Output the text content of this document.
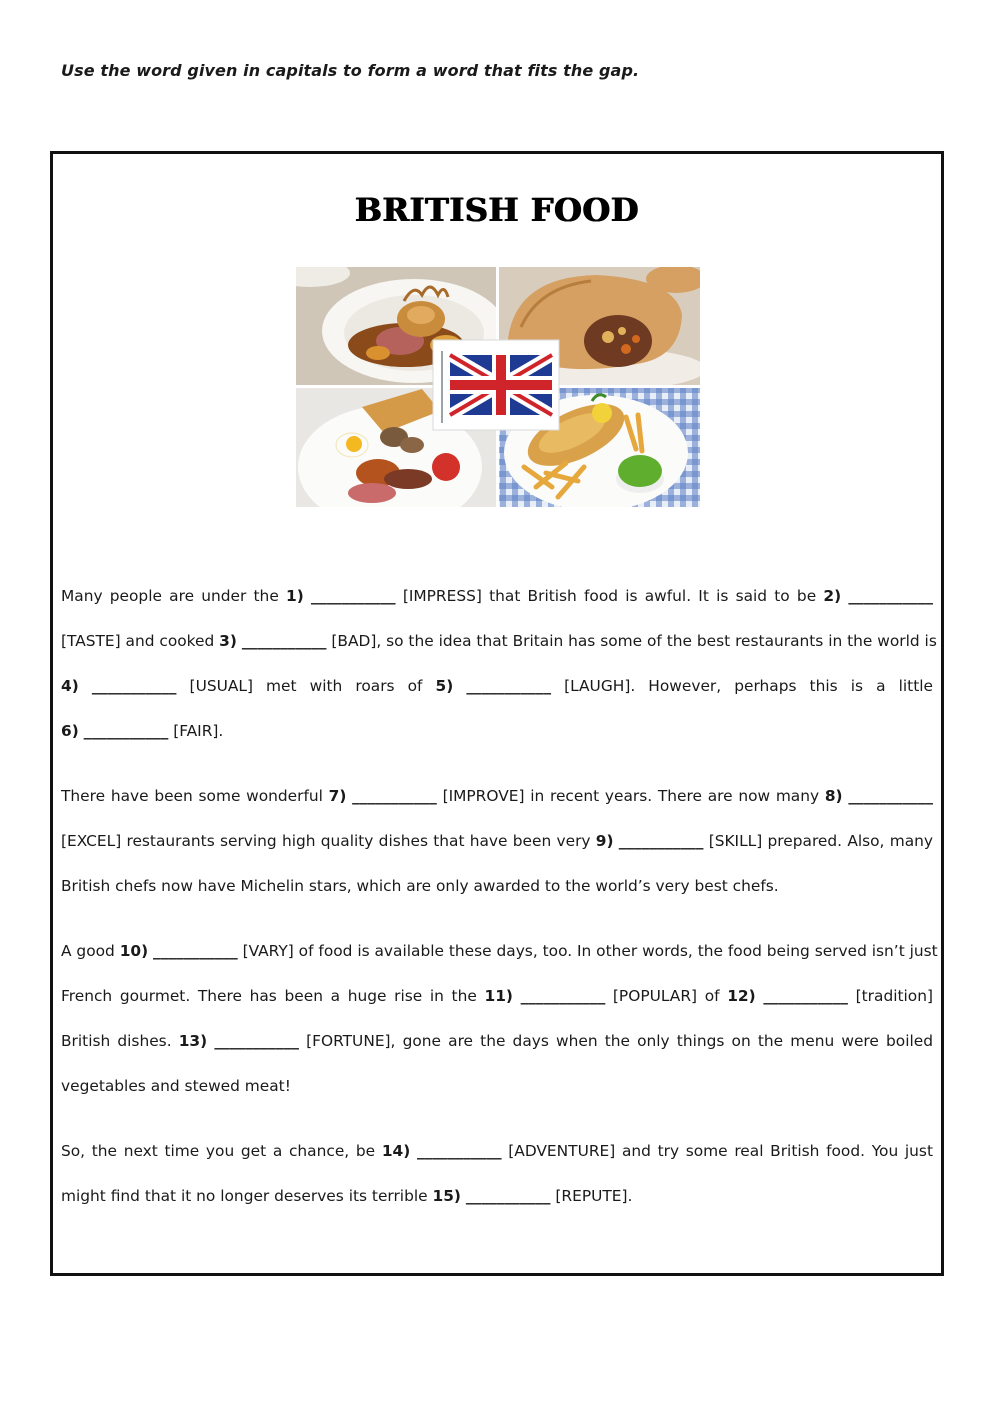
Use the word given in capitals to form a word that fits the gap.
BRITISH FOOD
Many people are under the 1) ___________ [IMPRESS] that British food is awful. It is said to be 2) ___________
[TASTE] and cooked 3) ___________ [BAD], so the idea that Britain has some of the best restaurants in the world is
4) ___________ [USUAL] met with roars of 5) ___________ [LAUGH]. However, perhaps this is a little
6) ___________ [FAIR].
There have been some wonderful 7) ___________ [IMPROVE] in recent years. There are now many 8) ___________
[EXCEL] restaurants serving high quality dishes that have been very 9) ___________ [SKILL] prepared. Also, many
British chefs now have Michelin stars, which are only awarded to the world’s very best chefs.
A good 10) ___________ [VARY] of food is available these days, too. In other words, the food being served isn’t just
French gourmet. There has been a huge rise in the 11) ___________ [POPULAR] of 12) ___________ [tradition]
British dishes. 13) ___________ [FORTUNE], gone are the days when the only things on the menu were boiled
vegetables and stewed meat!
So, the next time you get a chance, be 14) ___________ [ADVENTURE] and try some real British food. You just
might find that it no longer deserves its terrible 15) ___________ [REPUTE].
